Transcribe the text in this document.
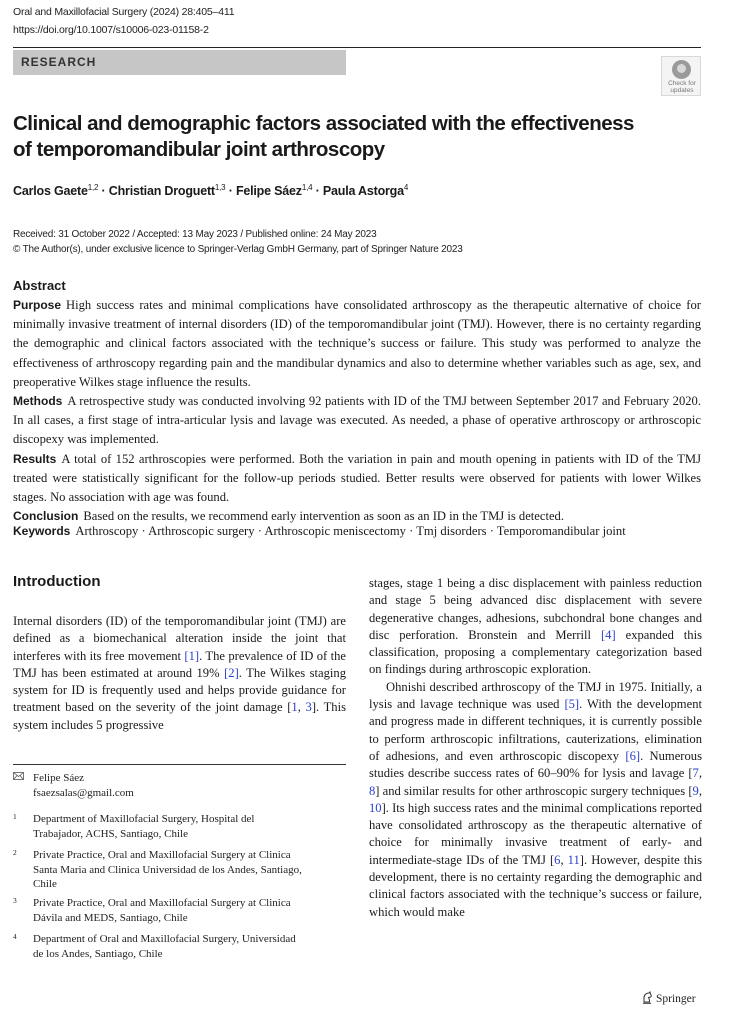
Oral and Maxillofacial Surgery (2024) 28:405–411
https://doi.org/10.1007/s10006-023-01158-2
RESEARCH
Check for
updates
Clinical and demographic factors associated with the effectiveness
of temporomandibular joint arthroscopy
Carlos Gaete$^{1,2}$ · Christian Droguett$^{1,3}$ · Felipe Sáez$^{1,4}$ · Paula Astorga$^4$
Received: 31 October 2022 / Accepted: 13 May 2023 / Published online: 24 May 2023
© The Author(s), under exclusive licence to Springer-Verlag GmbH Germany, part of Springer Nature 2023
Abstract

Purpose High success rates and minimal complications have consolidated arthroscopy as the therapeutic alternative of choice for minimally invasive treatment of internal disorders (ID) of the temporomandibular joint (TMJ). However, there is no certainty regarding the demographic and clinical factors associated with the technique’s success or failure. This study was performed to analyze the effectiveness of arthroscopy regarding pain and the mandibular dynamics and also to determine whether variables such as age, sex, and preoperative Wilkes stage influence the results.

Methods A retrospective study was conducted involving 92 patients with ID of the TMJ between September 2017 and February 2020. In all cases, a first stage of intra-articular lysis and lavage was executed. As needed, a phase of operative arthroscopy or arthroscopic discopexy was implemented.

Results A total of 152 arthroscopies were performed. Both the variation in pain and mouth opening in patients with ID of the TMJ treated were statistically significant for the follow-up periods studied. Better results were observed for patients with lower Wilkes stages. No association with age was found.

Conclusion Based on the results, we recommend early intervention as soon as an ID in the TMJ is detected.

Keywords Arthroscopy · Arthroscopic surgery · Arthroscopic meniscectomy · Tmj disorders · Temporomandibular joint
Introduction

Internal disorders (ID) of the temporomandibular joint (TMJ) are defined as a biomechanical alteration inside the joint that interferes with its free movement [1]. The prevalence of ID of the TMJ has been estimated at around 19% [2]. The Wilkes staging system for ID is frequently used and helps provide guidance for treatment based on the severity of the joint damage [1, 3]. This system includes 5 progressive

stages, stage 1 being a disc displacement with painless reduction and stage 5 being advanced disc displacement with severe degenerative changes, adhesions, subchondral bone changes and disc perforation. Bronstein and Merrill [4] expanded this classification, proposing a complementary categorization based on findings during arthroscopic exploration.

Ohnishi described arthroscopy of the TMJ in 1975. Initially, a lysis and lavage technique was used [5]. With the development and progress made in different techniques, it is currently possible to perform arthroscopic infiltrations, cauterizations, elimination of adhesions, and even arthroscopic discopexy [6]. Numerous studies describe success rates of 60–90% for lysis and lavage [7, 8] and similar results for other arthroscopic surgery techniques [9, 10]. Its high success rates and the minimal complications reported have consolidated arthroscopy as the therapeutic alternative of choice for minimally invasive treatment of early- and intermediate-stage IDs of the TMJ [6, 11]. However, despite this development, there is no certainty regarding the demographic and clinical factors associated with the technique’s success or failure, which would make

Felipe Sáez
fsaezsalas@gmail.com
1 Department of Maxillofacial Surgery, Hospital del
Trabajador, ACHS, Santiago, Chile
2 Private Practice, Oral and Maxillofacial Surgery at Clinica
Santa Maria and Clinica Universidad de los Andes, Santiago,
Chile
3 Private Practice, Oral and Maxillofacial Surgery at Clinica
Dávila and MEDS, Santiago, Chile
4 Department of Oral and Maxillofacial Surgery, Universidad
de los Andes, Santiago, Chile
Springer
